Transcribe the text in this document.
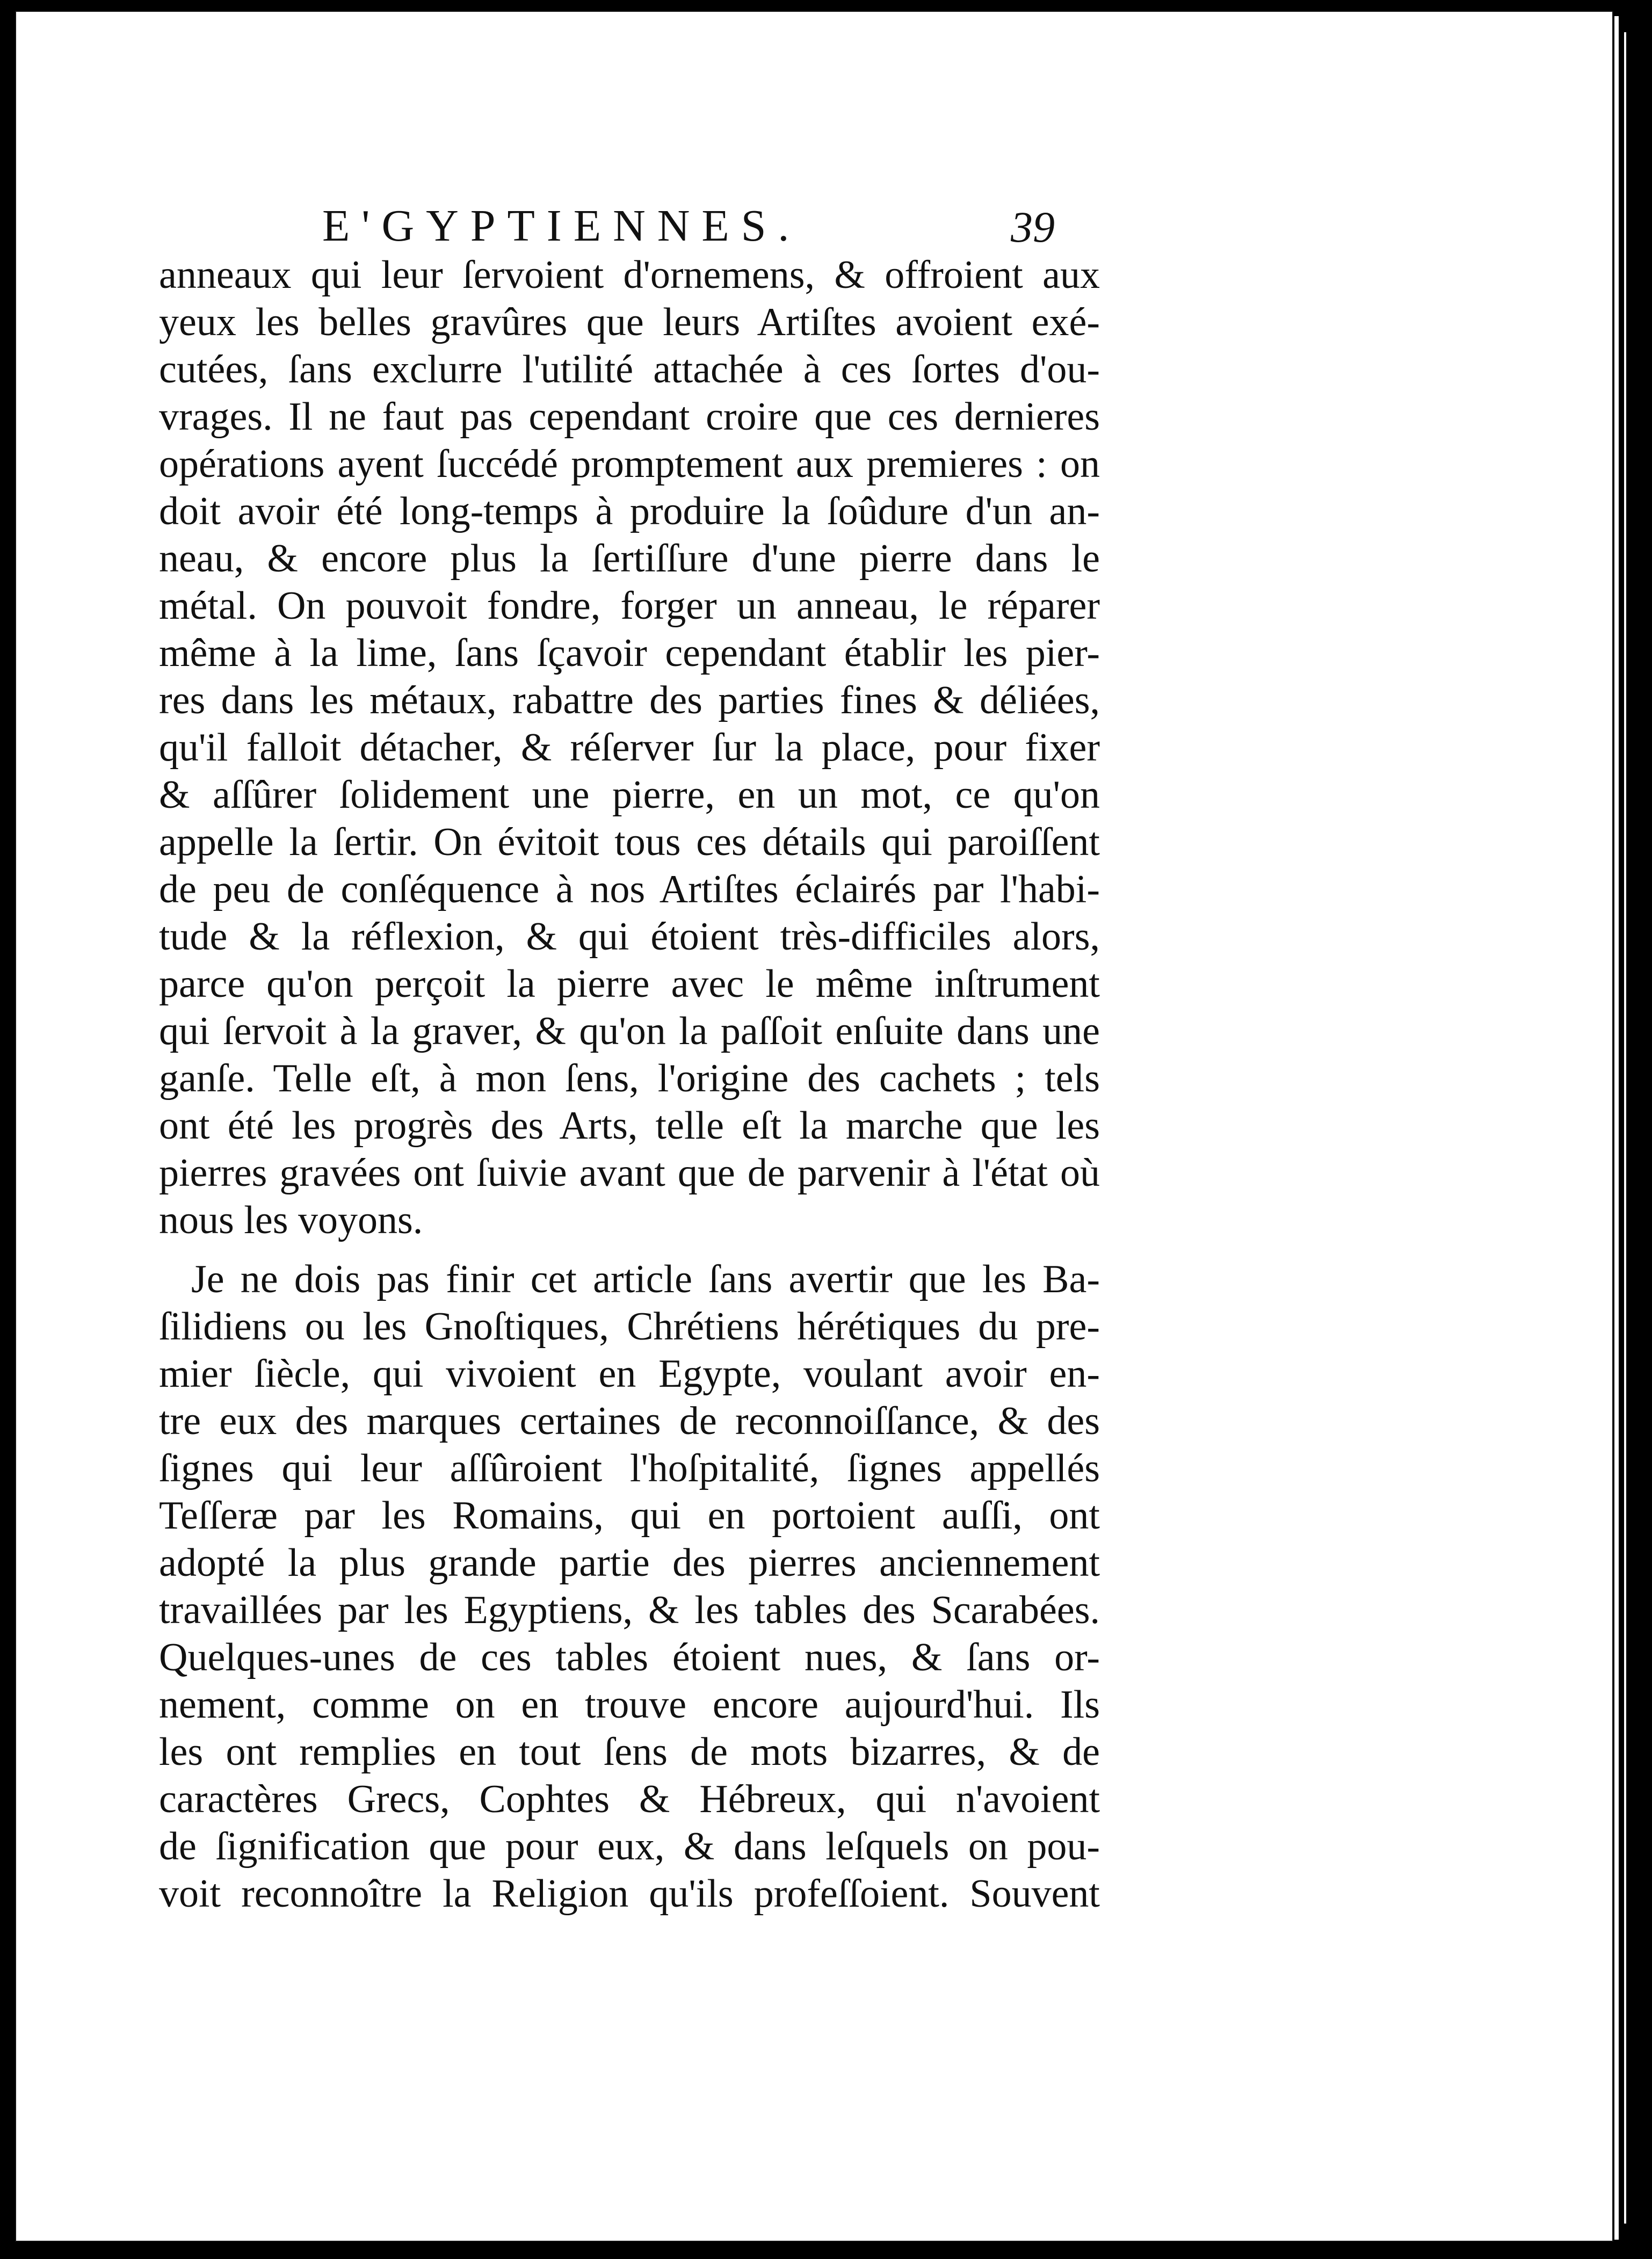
E'GYPTIENNES.	39
anneaux qui leur ſervoient d'ornemens, & offroient aux
yeux les belles gravûres que leurs Artiſtes avoient exé-
cutées, ſans exclurre l'utilité attachée à ces ſortes d'ou-
vrages. Il ne faut pas cependant croire que ces dernieres
opérations ayent ſuccédé promptement aux premieres : on
doit avoir été long-temps à produire la ſoûdure d'un an-
neau, & encore plus la ſertiſſure d'une pierre dans le
métal. On pouvoit fondre, forger un anneau, le réparer
même à la lime, ſans ſçavoir cependant établir les pier-
res dans les métaux, rabattre des parties fines & déliées,
qu'il falloit détacher, & réſerver ſur la place, pour fixer
& aſſûrer ſolidement une pierre, en un mot, ce qu'on
appelle la ſertir. On évitoit tous ces détails qui paroiſſent
de peu de conſéquence à nos Artiſtes éclairés par l'habi-
tude & la réflexion, & qui étoient très-difficiles alors,
parce qu'on perçoit la pierre avec le même inſtrument
qui ſervoit à la graver, & qu'on la paſſoit enſuite dans une
ganſe. Telle eſt, à mon ſens, l'origine des cachets ; tels
ont été les progrès des Arts, telle eſt la marche que les
pierres gravées ont ſuivie avant que de parvenir à l'état où
nous les voyons.
Je ne dois pas finir cet article ſans avertir que les Ba-
ſilidiens ou les Gnoſtiques, Chrétiens hérétiques du pre-
mier ſiècle, qui vivoient en Egypte, voulant avoir en-
tre eux des marques certaines de reconnoiſſance, & des
ſignes qui leur aſſûroient l'hoſpitalité, ſignes appellés
Teſſeræ par les Romains, qui en portoient auſſi, ont
adopté la plus grande partie des pierres anciennement
travaillées par les Egyptiens, & les tables des Scarabées.
Quelques-unes de ces tables étoient nues, & ſans or-
nement, comme on en trouve encore aujourd'hui. Ils
les ont remplies en tout ſens de mots bizarres, & de
caractères Grecs, Cophtes & Hébreux, qui n'avoient
de ſignification que pour eux, & dans leſquels on pou-
voit reconnoître la Religion qu'ils profeſſoient. Souvent
